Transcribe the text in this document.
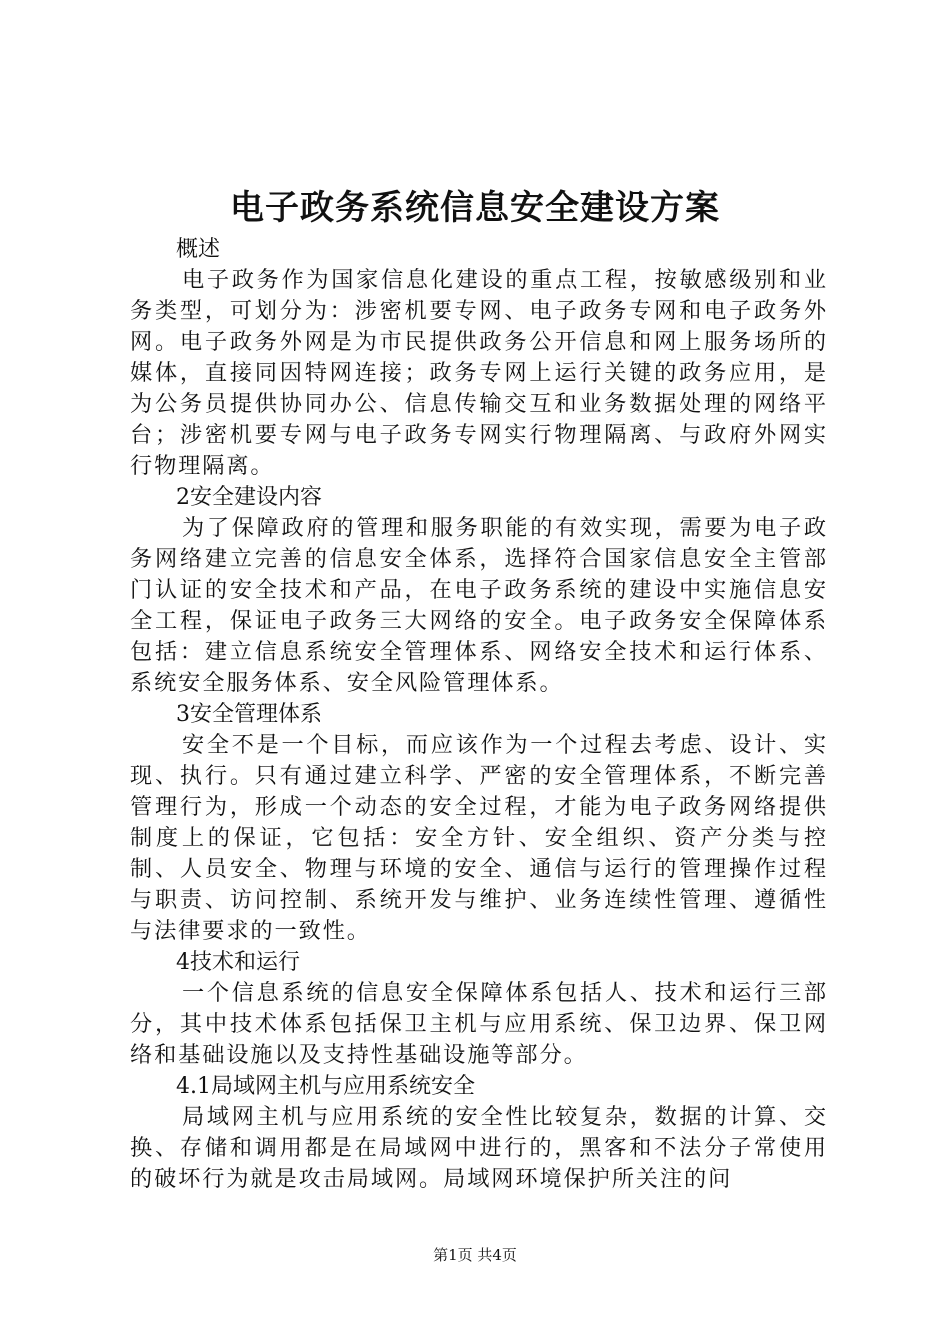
电子政务系统信息安全建设方案

概述

电子政务作为国家信息化建设的重点工程，按敏感级别和业务类型，可划分为：涉密机要专网、电子政务专网和电子政务外网。电子政务外网是为市民提供政务公开信息和网上服务场所的媒体，直接同因特网连接；政务专网上运行关键的政务应用，是为公务员提供协同办公、信息传输交互和业务数据处理的网络平台；涉密机要专网与电子政务专网实行物理隔离、与政府外网实行物理隔离。

2安全建设内容

为了保障政府的管理和服务职能的有效实现，需要为电子政务网络建立完善的信息安全体系，选择符合国家信息安全主管部门认证的安全技术和产品，在电子政务系统的建设中实施信息安全工程，保证电子政务三大网络的安全。电子政务安全保障体系包括：建立信息系统安全管理体系、网络安全技术和运行体系、系统安全服务体系、安全风险管理体系。

3安全管理体系

安全不是一个目标，而应该作为一个过程去考虑、设计、实现、执行。只有通过建立科学、严密的安全管理体系，不断完善管理行为，形成一个动态的安全过程，才能为电子政务网络提供制度上的保证，它包括：安全方针、安全组织、资产分类与控制、人员安全、物理与环境的安全、通信与运行的管理操作过程与职责、访问控制、系统开发与维护、业务连续性管理、遵循性与法律要求的一致性。

4技术和运行

一个信息系统的信息安全保障体系包括人、技术和运行三部分，其中技术体系包括保卫主机与应用系统、保卫边界、保卫网络和基础设施以及支持性基础设施等部分。

4.1局域网主机与应用系统安全

局域网主机与应用系统的安全性比较复杂，数据的计算、交换、存储和调用都是在局域网中进行的，黑客和不法分子常使用的破坏行为就是攻击局域网。局域网环境保护所关注的问

第1页 共4页
